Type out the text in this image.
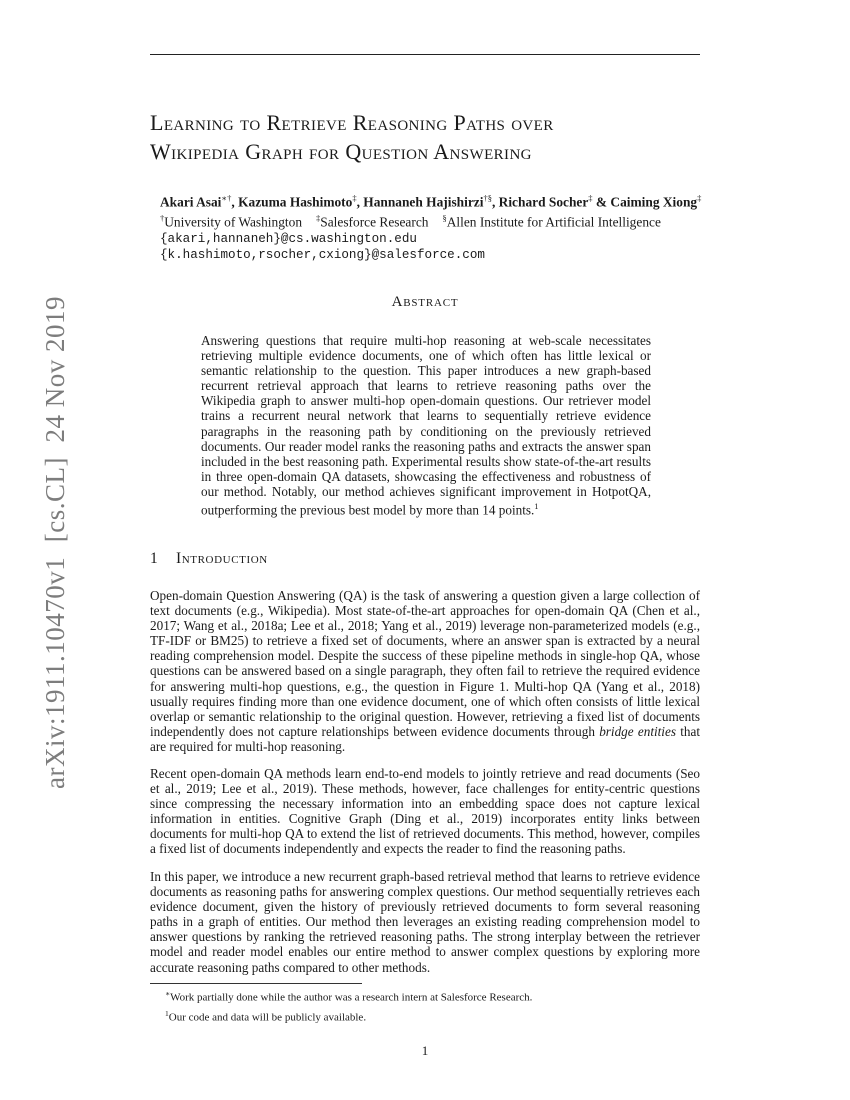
Learning to Retrieve Reasoning Paths over
Wikipedia Graph for Question Answering
Akari Asai∗†, Kazuma Hashimoto‡, Hannaneh Hajishirzi†§, Richard Socher‡ & Caiming Xiong‡
†University of Washington ‡Salesforce Research §Allen Institute for Artificial Intelligence
{akari,hannaneh}@cs.washington.edu
{k.hashimoto,rsocher,cxiong}@salesforce.com
Abstract

Answering questions that require multi-hop reasoning at web-scale necessitates retrieving multiple evidence documents, one of which often has little lexical or semantic relationship to the question. This paper introduces a new graph-based recurrent retrieval approach that learns to retrieve reasoning paths over the Wikipedia graph to answer multi-hop open-domain questions. Our retriever model trains a recurrent neural network that learns to sequentially retrieve evidence paragraphs in the reasoning path by conditioning on the previously retrieved documents. Our reader model ranks the reasoning paths and extracts the answer span included in the best reasoning path. Experimental results show state-of-the-art results in three open-domain QA datasets, showcasing the effectiveness and robustness of our method. Notably, our method achieves significant improvement in HotpotQA, outperforming the previous best model by more than 14 points.$^1$

1 Introduction

Open-domain Question Answering (QA) is the task of answering a question given a large collection of text documents (e.g., Wikipedia). Most state-of-the-art approaches for open-domain QA (Chen et al., 2017; Wang et al., 2018a; Lee et al., 2018; Yang et al., 2019) leverage non-parameterized models (e.g., TF-IDF or BM25) to retrieve a fixed set of documents, where an answer span is extracted by a neural reading comprehension model. Despite the success of these pipeline methods in single-hop QA, whose questions can be answered based on a single paragraph, they often fail to retrieve the required evidence for answering multi-hop questions, e.g., the question in Figure 1. Multi-hop QA (Yang et al., 2018) usually requires finding more than one evidence document, one of which often consists of little lexical overlap or semantic relationship to the original question. However, retrieving a fixed list of documents independently does not capture relationships between evidence documents through bridge entities that are required for multi-hop reasoning.

Recent open-domain QA methods learn end-to-end models to jointly retrieve and read documents (Seo et al., 2019; Lee et al., 2019). These methods, however, face challenges for entity-centric questions since compressing the necessary information into an embedding space does not capture lexical information in entities. Cognitive Graph (Ding et al., 2019) incorporates entity links between documents for multi-hop QA to extend the list of retrieved documents. This method, however, compiles a fixed list of documents independently and expects the reader to find the reasoning paths.

In this paper, we introduce a new recurrent graph-based retrieval method that learns to retrieve evidence documents as reasoning paths for answering complex questions. Our method sequentially retrieves each evidence document, given the history of previously retrieved documents to form several reasoning paths in a graph of entities. Our method then leverages an existing reading comprehension model to answer questions by ranking the retrieved reasoning paths. The strong interplay between the retriever model and reader model enables our entire method to answer complex questions by exploring more accurate reasoning paths compared to other methods.

∗Work partially done while the author was a research intern at Salesforce Research.
$^1$Our code and data will be publicly available.
1
arXiv:1911.10470v1  [cs.CL]  24 Nov 2019
